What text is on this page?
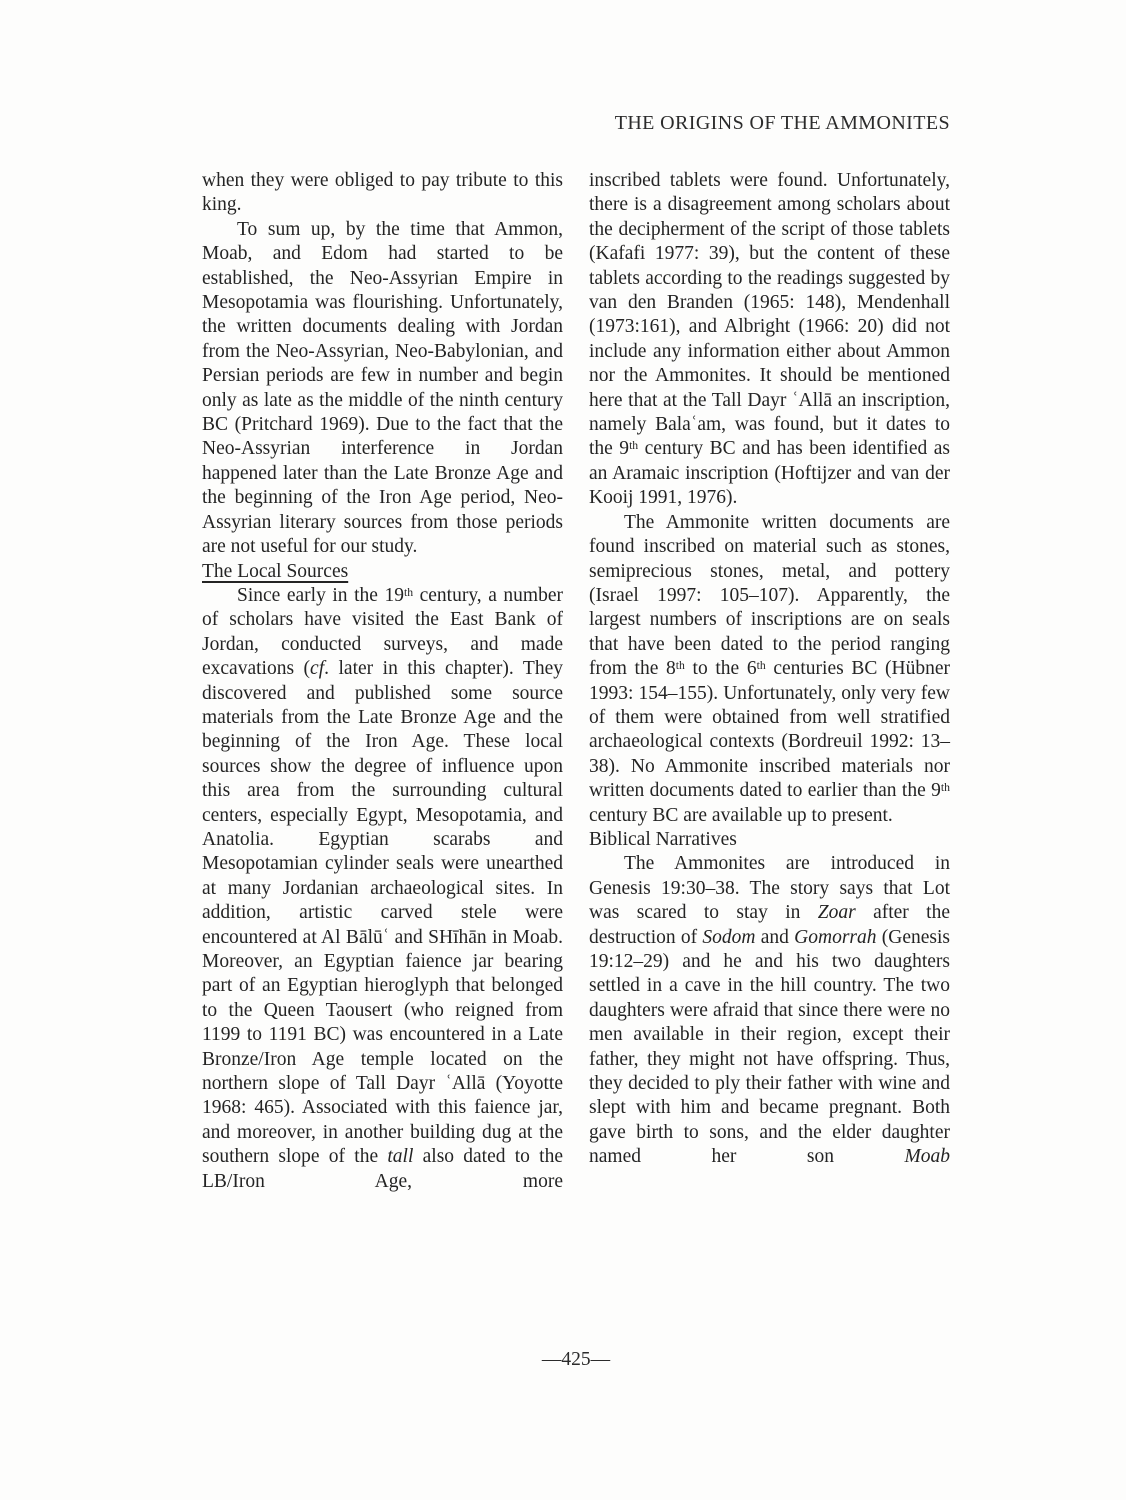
THE ORIGINS OF THE AMMONITES

when they were obliged to pay tribute to this king.

To sum up, by the time that Ammon, Moab, and Edom had started to be established, the Neo-Assyrian Empire in Mesopotamia was flourishing. Unfortunately, the written documents dealing with Jordan from the Neo-Assyrian, Neo-Babylonian, and Persian periods are few in number and begin only as late as the middle of the ninth century BC (Pritchard 1969). Due to the fact that the Neo-Assyrian interference in Jordan happened later than the Late Bronze Age and the beginning of the Iron Age period, Neo-Assyrian literary sources from those periods are not useful for our study.

The Local Sources

Since early in the 19th century, a number of scholars have visited the East Bank of Jordan, conducted surveys, and made excavations (cf. later in this chapter). They discovered and published some source materials from the Late Bronze Age and the beginning of the Iron Age. These local sources show the degree of influence upon this area from the surrounding cultural centers, especially Egypt, Mesopotamia, and Anatolia. Egyptian scarabs and Mesopotamian cylinder seals were unearthed at many Jordanian archaeological sites. In addition, artistic carved stele were encountered at Al Bālūʿ and SHīhān in Moab. Moreover, an Egyptian faience jar bearing part of an Egyptian hieroglyph that belonged to the Queen Taousert (who reigned from 1199 to 1191 BC) was encountered in a Late Bronze/Iron Age temple located on the northern slope of Tall Dayr ʿAllā (Yoyotte 1968: 465). Associated with this faience jar, and moreover, in another building dug at the southern slope of the tall also dated to the LB/Iron Age, more

inscribed tablets were found. Unfortunately, there is a disagreement among scholars about the decipherment of the script of those tablets (Kafafi 1977: 39), but the content of these tablets according to the readings suggested by van den Branden (1965: 148), Mendenhall (1973:161), and Albright (1966: 20) did not include any information either about Ammon nor the Ammonites. It should be mentioned here that at the Tall Dayr ʿAllā an inscription, namely Balaʿam, was found, but it dates to the 9th century BC and has been identified as an Aramaic inscription (Hoftijzer and van der Kooij 1991, 1976).

The Ammonite written documents are found inscribed on material such as stones, semiprecious stones, metal, and pottery (Israel 1997: 105–107). Apparently, the largest numbers of inscriptions are on seals that have been dated to the period ranging from the 8th to the 6th centuries BC (Hübner 1993: 154–155). Unfortunately, only very few of them were obtained from well stratified archaeological contexts (Bordreuil 1992: 13–38). No Ammonite inscribed materials nor written documents dated to earlier than the 9th century BC are available up to present.

Biblical Narratives

The Ammonites are introduced in Genesis 19:30–38. The story says that Lot was scared to stay in Zoar after the destruction of Sodom and Gomorrah (Genesis 19:12–29) and he and his two daughters settled in a cave in the hill country. The two daughters were afraid that since there were no men available in their region, except their father, they might not have offspring. Thus, they decided to ply their father with wine and slept with him and became pregnant. Both gave birth to sons, and the elder daughter named her son Moab

—425—
